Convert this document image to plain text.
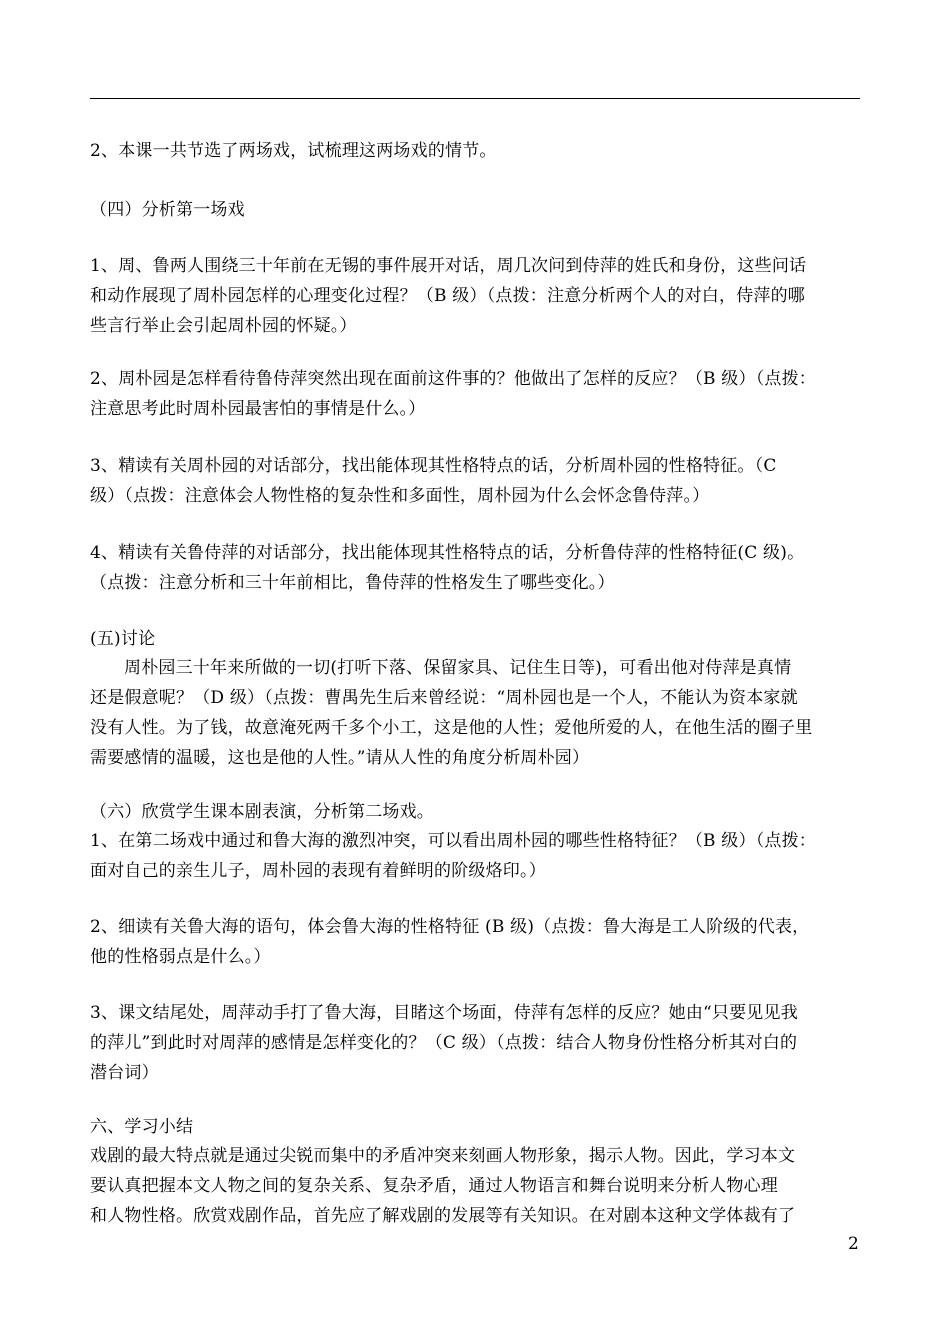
2、本课一共节选了两场戏，试梳理这两场戏的情节。
（四）分析第一场戏
1、周、鲁两人围绕三十年前在无锡的事件展开对话，周几次问到侍萍的姓氏和身份，这些问话
和动作展现了周朴园怎样的心理变化过程？（B 级）（点拨：注意分析两个人的对白，侍萍的哪
些言行举止会引起周朴园的怀疑。）
2、周朴园是怎样看待鲁侍萍突然出现在面前这件事的？他做出了怎样的反应？（B 级）（点拨：
注意思考此时周朴园最害怕的事情是什么。）
3、精读有关周朴园的对话部分，找出能体现其性格特点的话，分析周朴园的性格特征。（C
级）（点拨：注意体会人物性格的复杂性和多面性，周朴园为什么会怀念鲁侍萍。）
4、精读有关鲁侍萍的对话部分，找出能体现其性格特点的话，分析鲁侍萍的性格特征(C 级)。
（点拨：注意分析和三十年前相比，鲁侍萍的性格发生了哪些变化。）
(五)讨论
周朴园三十年来所做的一切(打听下落、保留家具、记住生日等)，可看出他对侍萍是真情
还是假意呢？（D 级）（点拨：曹禺先生后来曾经说：“周朴园也是一个人，不能认为资本家就
没有人性。为了钱，故意淹死两千多个小工，这是他的人性；爱他所爱的人，在他生活的圈子里
需要感情的温暖，这也是他的人性。”请从人性的角度分析周朴园）
（六）欣赏学生课本剧表演，分析第二场戏。
1、在第二场戏中通过和鲁大海的激烈冲突，可以看出周朴园的哪些性格特征？（B 级）（点拨：
面对自己的亲生儿子，周朴园的表现有着鲜明的阶级烙印。）
2、细读有关鲁大海的语句，体会鲁大海的性格特征 (B 级)（点拨：鲁大海是工人阶级的代表，
他的性格弱点是什么。）
3、课文结尾处，周萍动手打了鲁大海，目睹这个场面，侍萍有怎样的反应？她由“只要见见我
的萍儿”到此时对周萍的感情是怎样变化的？（C 级）（点拨：结合人物身份性格分析其对白的
潜台词）
六、学习小结
戏剧的最大特点就是通过尖锐而集中的矛盾冲突来刻画人物形象，揭示人物。因此，学习本文
要认真把握本文人物之间的复杂关系、复杂矛盾，通过人物语言和舞台说明来分析人物心理
和人物性格。欣赏戏剧作品，首先应了解戏剧的发展等有关知识。在对剧本这种文学体裁有了
2
